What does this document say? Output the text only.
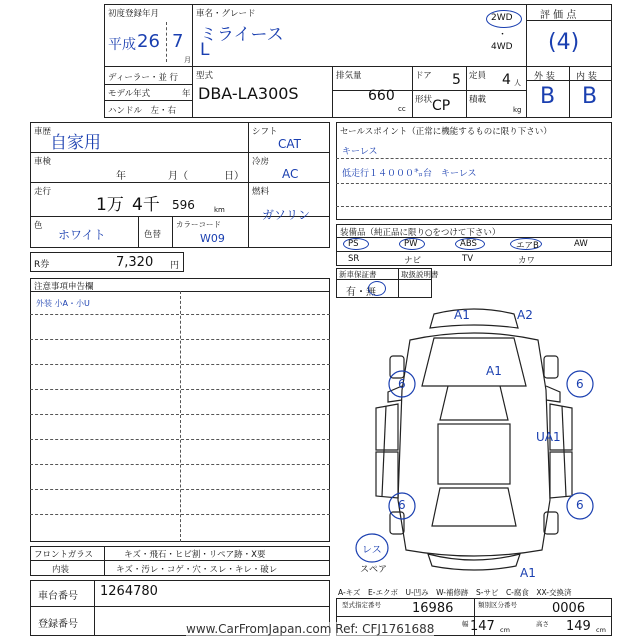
初度登録年月
平成 26 7
月
車名・グレード
ミライース
L
2WD
・
4WD
評 価 点
(4)
ディーラー・並 行
モデル年式	年
ハンドル　左・右
型式
DBA-LA300S
排気量
660
cc
ドア 5
形状 CP
定員 4 人
積載
kg
外 装
B
内 装
B
車歴
自家用
車検
年	月（	日）
走行
1万 4千 596	km
色
ホワイト	色替
カラーコード
W09
シフト
CAT
冷房
AC
燃料
ガソリン
R券	7,320 円
セールスポイント（正常に機能するものに限り下さい）
キーレス
低走行１４０００㌔台　キーレス
装備品（純正品に限り○をつけて下さい）
PS	PW	ABS	エアB	AW
SR	ナビ	TV	カワ
新車保証書	取扱説明書
有・無
注意事項申告欄
外装 小A・小U
フロントガラス	キズ・飛石・ヒビ割・リペア跡・X要
内装	キズ・汚レ・コゲ・穴・スレ・キレ・破レ
車台番号 1264780
登録番号
A1	A2
A1
6	6
UA1
6	6
A1
レス
スペア
A-キズ　E-エクボ　U-凹み　W-補修跡　S-サビ　C-腐食　XX-交換済
型式指定番号 16986	類別区分番号	0006
幅 147 cm
高さ 149 cm
www.CarFromJapan.com Ref: CFJ1761688
